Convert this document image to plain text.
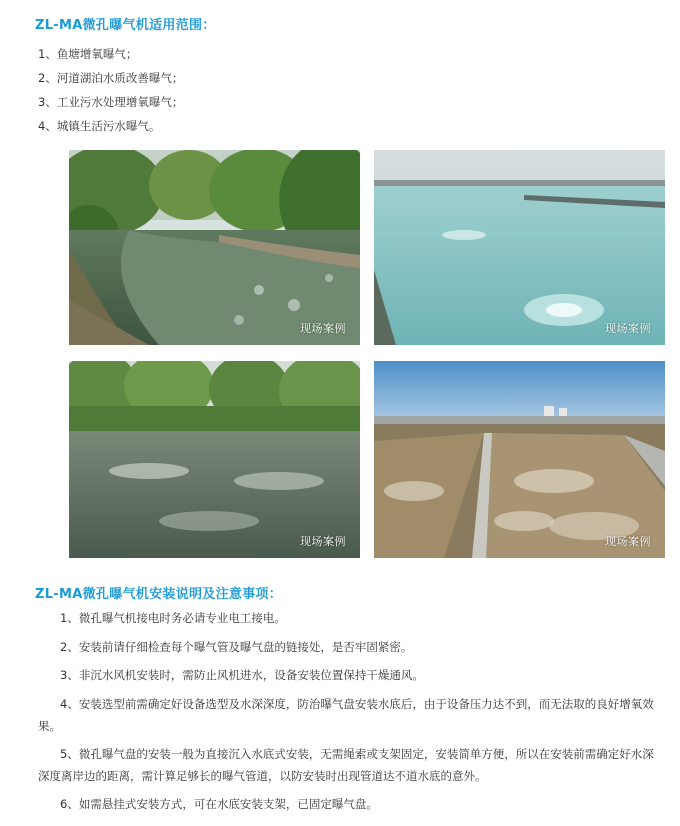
ZL-MA微孔曝气机适用范围：
1、鱼塘增氧曝气；
2、河道湖泊水质改善曝气；
3、工业污水处理增氧曝气；
4、城镇生活污水曝气。
现场案例	现场案例
现场案例	现场案例
ZL-MA微孔曝气机安装说明及注意事项：

1、微孔曝气机接电时务必请专业电工接电。

2、安装前请仔细检查每个曝气管及曝气盘的链接处，是否牢固紧密。

3、非沉水风机安装时，需防止风机进水，设备安装位置保持干燥通风。

4、安装选型前需确定好设备选型及水深深度，防治曝气盘安装水底后，由于设备压力达不到，而无法取的良好增氧效果。

5、微孔曝气盘的安装一般为直接沉入水底式安装，无需绳索或支架固定，安装简单方便，所以在安装前需确定好水深深度离岸边的距离，需计算足够长的曝气管道，以防安装时出现管道达不道水底的意外。

6、如需悬挂式安装方式，可在水底安装支架，已固定曝气盘。
